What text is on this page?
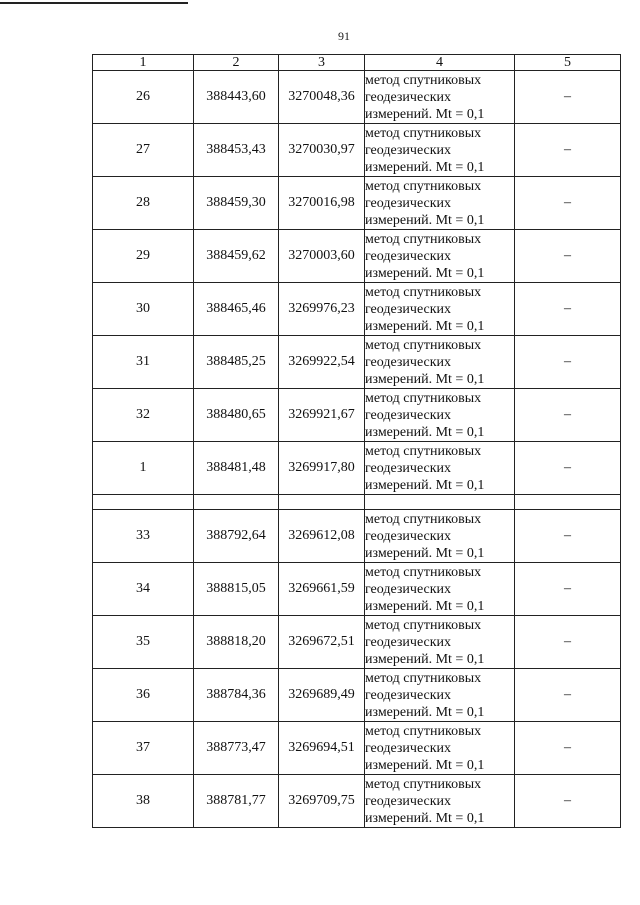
91
1	2	3	4	5
26	388443,60	3270048,36	метод спутниковых
геодезических
измерений. Mt = 0,1	–
27	388453,43	3270030,97	метод спутниковых
геодезических
измерений. Mt = 0,1	–
28	388459,30	3270016,98	метод спутниковых
геодезических
измерений. Mt = 0,1	–
29	388459,62	3270003,60	метод спутниковых
геодезических
измерений. Mt = 0,1	–
30	388465,46	3269976,23	метод спутниковых
геодезических
измерений. Mt = 0,1	–
31	388485,25	3269922,54	метод спутниковых
геодезических
измерений. Mt = 0,1	–
32	388480,65	3269921,67	метод спутниковых
геодезических
измерений. Mt = 0,1	–
1	388481,48	3269917,80	метод спутниковых
геодезических
измерений. Mt = 0,1	–

33	388792,64	3269612,08	метод спутниковых
геодезических
измерений. Mt = 0,1	–
34	388815,05	3269661,59	метод спутниковых
геодезических
измерений. Mt = 0,1	–
35	388818,20	3269672,51	метод спутниковых
геодезических
измерений. Mt = 0,1	–
36	388784,36	3269689,49	метод спутниковых
геодезических
измерений. Mt = 0,1	–
37	388773,47	3269694,51	метод спутниковых
геодезических
измерений. Mt = 0,1	–
38	388781,77	3269709,75	метод спутниковых
геодезических
измерений. Mt = 0,1	–
